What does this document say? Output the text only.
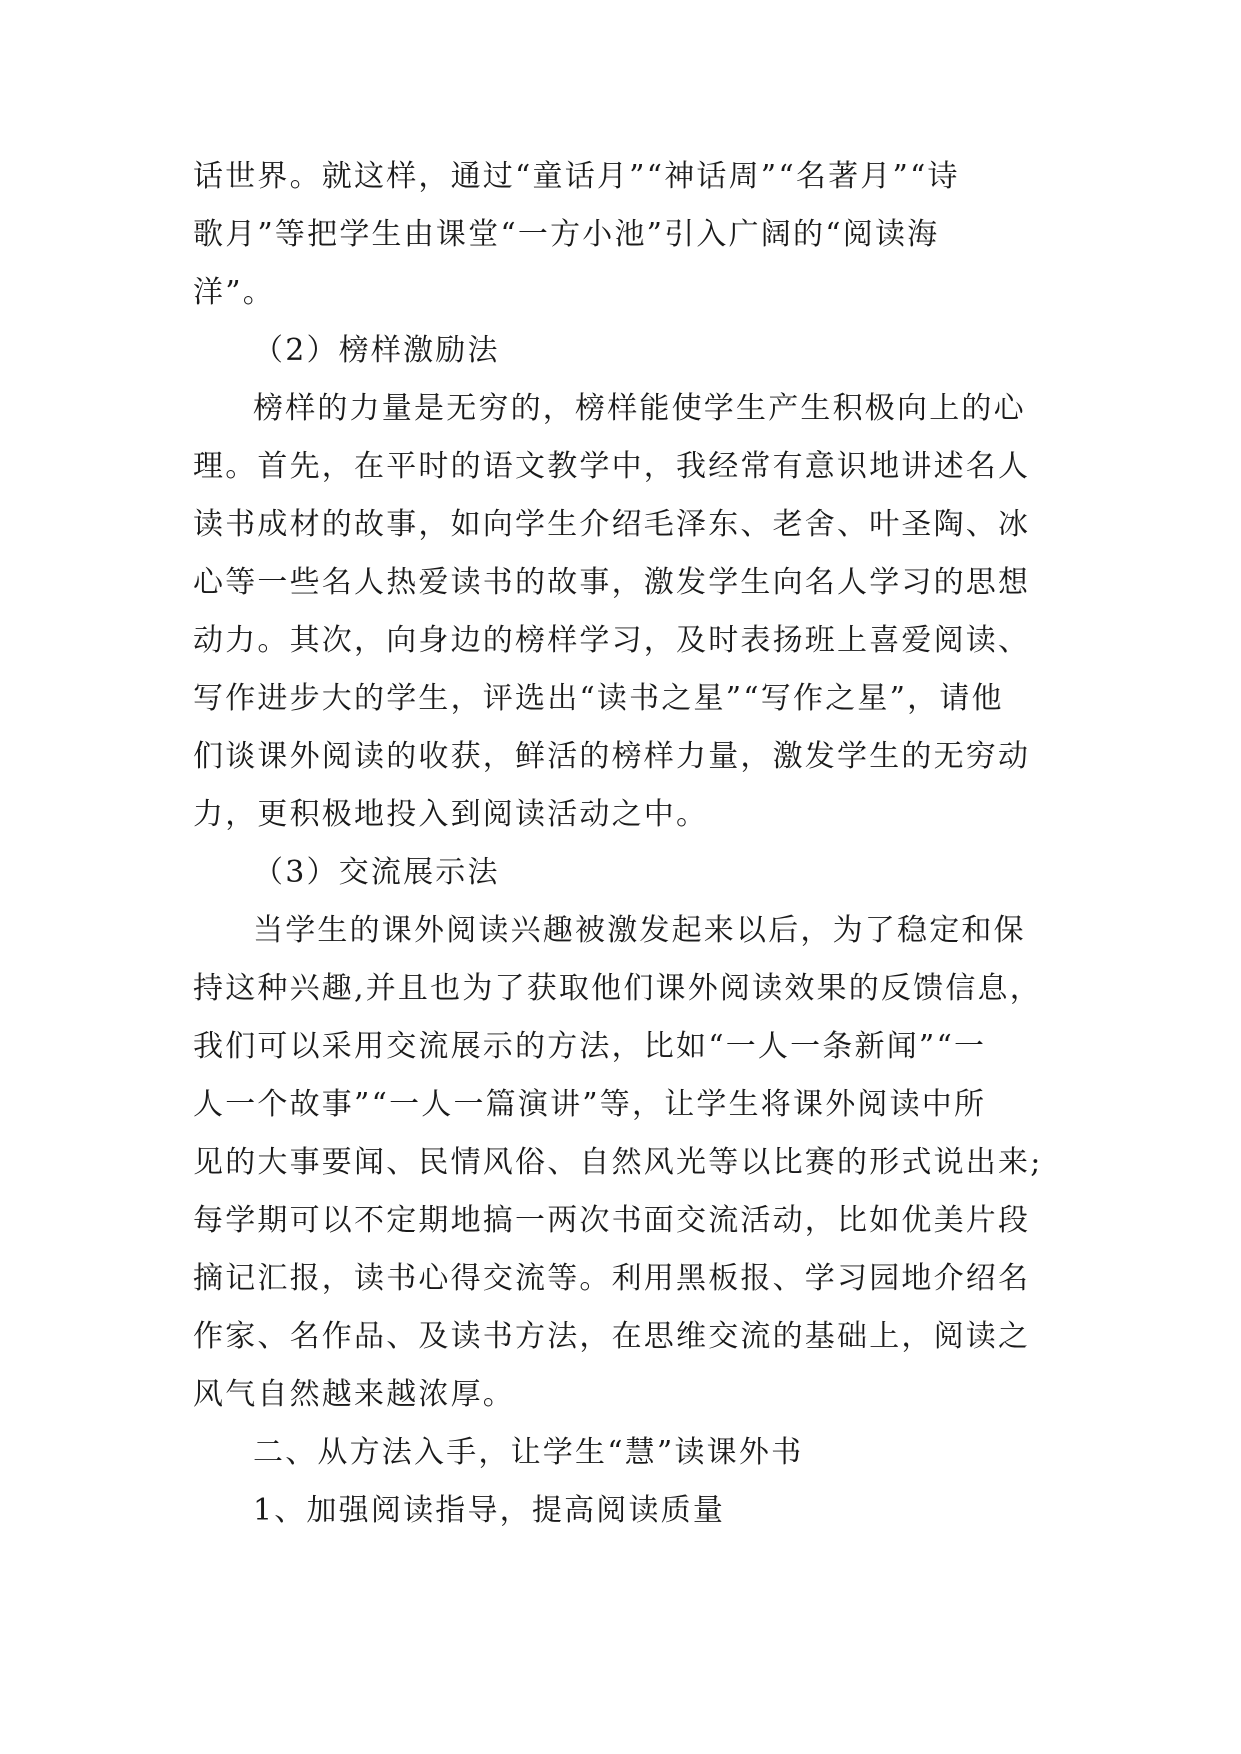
话世界。就这样，通过“童话月”“神话周”“名著月”“诗
歌月”等把学生由课堂“一方小池”引入广阔的“阅读海
洋”。
（2）榜样激励法
榜样的力量是无穷的，榜样能使学生产生积极向上的心
理。首先，在平时的语文教学中，我经常有意识地讲述名人
读书成材的故事，如向学生介绍毛泽东、老舍、叶圣陶、冰
心等一些名人热爱读书的故事，激发学生向名人学习的思想
动力。其次，向身边的榜样学习，及时表扬班上喜爱阅读、
写作进步大的学生，评选出“读书之星”“写作之星”，请他
们谈课外阅读的收获，鲜活的榜样力量，激发学生的无穷动
力，更积极地投入到阅读活动之中。
（3）交流展示法
当学生的课外阅读兴趣被激发起来以后，为了稳定和保
持这种兴趣,并且也为了获取他们课外阅读效果的反馈信息，
我们可以采用交流展示的方法，比如“一人一条新闻”“一
人一个故事”“一人一篇演讲”等，让学生将课外阅读中所
见的大事要闻、民情风俗、自然风光等以比赛的形式说出来;
每学期可以不定期地搞一两次书面交流活动，比如优美片段
摘记汇报，读书心得交流等。利用黑板报、学习园地介绍名
作家、名作品、及读书方法，在思维交流的基础上，阅读之
风气自然越来越浓厚。
二、从方法入手，让学生“慧”读课外书
1、加强阅读指导，提高阅读质量
